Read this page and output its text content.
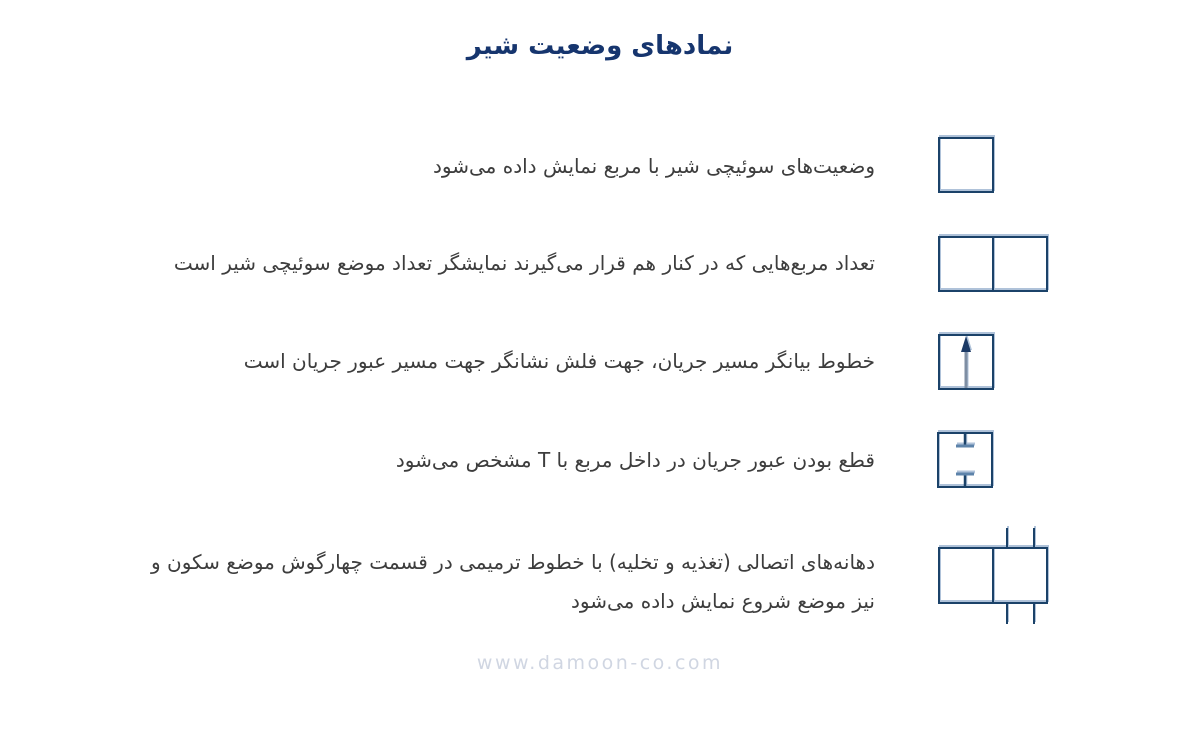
نمادهای وضعیت شیر
وضعیت‌های سوئیچی شیر با مربع نمایش داده می‌شود
تعداد مربع‌هایی که در کنار هم قرار می‌گیرند نمایشگر تعداد موضع سوئیچی شیر است
خطوط بیانگر مسیر جریان، جهت فلش نشانگر جهت مسیر عبور جریان است
قطع بودن عبور جریان در داخل مربع با T مشخص می‌شود
دهانه‌های اتصالی (تغذیه و تخلیه) با خطوط ترمیمی در قسمت چهارگوش موضع سکون و
نیز موضع شروع نمایش داده می‌شود
www.damoon-co.com
